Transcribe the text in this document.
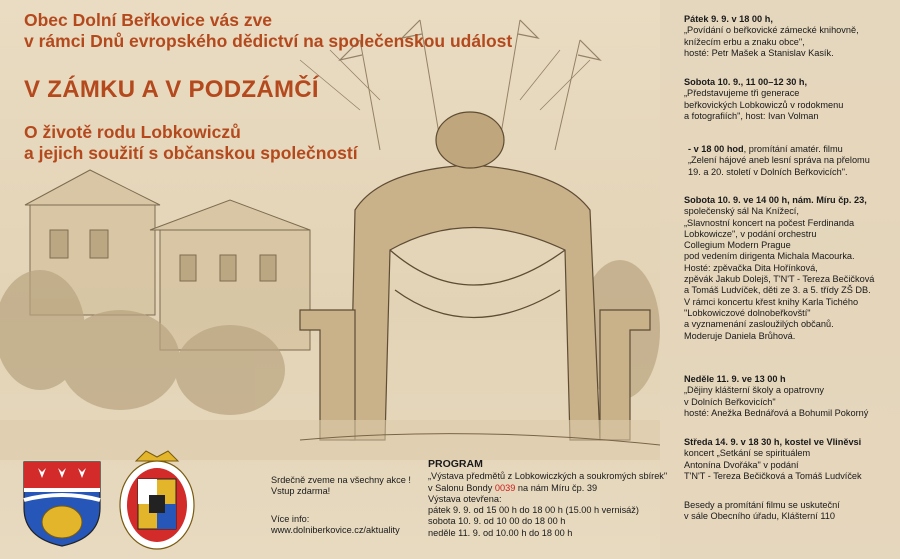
Obec Dolní Beřkovice vás zve
v rámci Dnů evropského dědictví na společenskou událost
V ZÁMKU A V PODZÁMČÍ
O životě rodu Lobkowiczů
a jejich soužití s občanskou společností
Pátek 9. 9. v 18 00 h,
„Povídání o beřkovické zámecké knihovně,
knížecím erbu a znaku obce",
hosté: Petr Mašek a Stanislav Kasík.
Sobota 10. 9., 11 00–12 30 h,
„Představujeme tři generace
beřkovických Lobkowiczů v rodokmenu
a fotografiích", host: Ivan Volman
- v 18 00 hod, promítání amatér. filmu
„Zelení hájové aneb lesní správa na přelomu
19. a 20. století v Dolních Beřkovicích".
Sobota 10. 9. ve 14 00 h, nám. Míru čp. 23,
společenský sál Na Knížecí,
„Slavnostní koncert na počest Ferdinanda
Lobkowicze", v podání orchestru
Collegium Modern Prague
pod vedením dirigenta Michala Macourka.
Hosté: zpěvačka Dita Hořínková,
zpěvák Jakub Dolejš, T'N'T - Tereza Bečičková
a Tomáš Ludvíček, děti ze 3. a 5. třídy ZŠ DB.
V rámci koncertu křest knihy Karla Tichého
"Lobkowiczové dolnobeřkovští"
a vyznamenání zasloužilých občanů.
Moderuje Daniela Brůhová.
Neděle 11. 9. ve 13 00 h
„Dějiny klášterní školy a opatrovny
v Dolních Beřkovicích"
hosté: Anežka Bednářová a Bohumil Pokorný
Středa 14. 9. v 18 30 h, kostel ve Vliněvsi
koncert „Setkání se spirituálem
Antonína Dvořáka" v podání
T'N'T - Tereza Bečičková a Tomáš Ludvíček
Besedy a promítání filmu se uskuteční
v sále Obecního úřadu, Klášterní 110
Srdečně zveme na všechny akce !
Vstup zdarma!
Více info:
www.dolniberkovice.cz/aktuality
PROGRAM
„Výstava předmětů z Lobkowiczkých a soukromých sbírek"
v Salonu Bondy 0039 na nám Míru čp. 39
Výstava otevřena:
pátek 9. 9. od 15 00 h do 18 00 h (15.00 h vernisáž)
sobota 10. 9. od 10 00 do 18 00 h
neděle 11. 9. od 10.00 h do 18 00 h
